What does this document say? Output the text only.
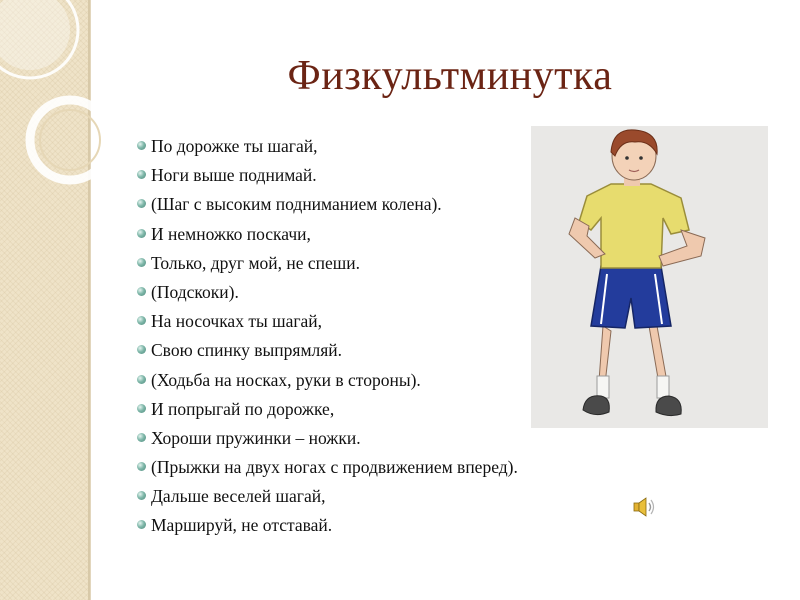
Физкультминутка
По дорожке ты шагай,
Ноги выше поднимай.
(Шаг с высоким подниманием колена).
И немножко поскачи,
Только, друг мой, не спеши.
(Подскоки).
На носочках ты шагай,
Свою спинку выпрямляй.
(Ходьба на носках, руки в стороны).
И попрыгай по дорожке,
Хороши пружинки – ножки.
(Прыжки на двух ногах с продвижением вперед).
Дальше веселей шагай,
Маршируй, не отставай.
